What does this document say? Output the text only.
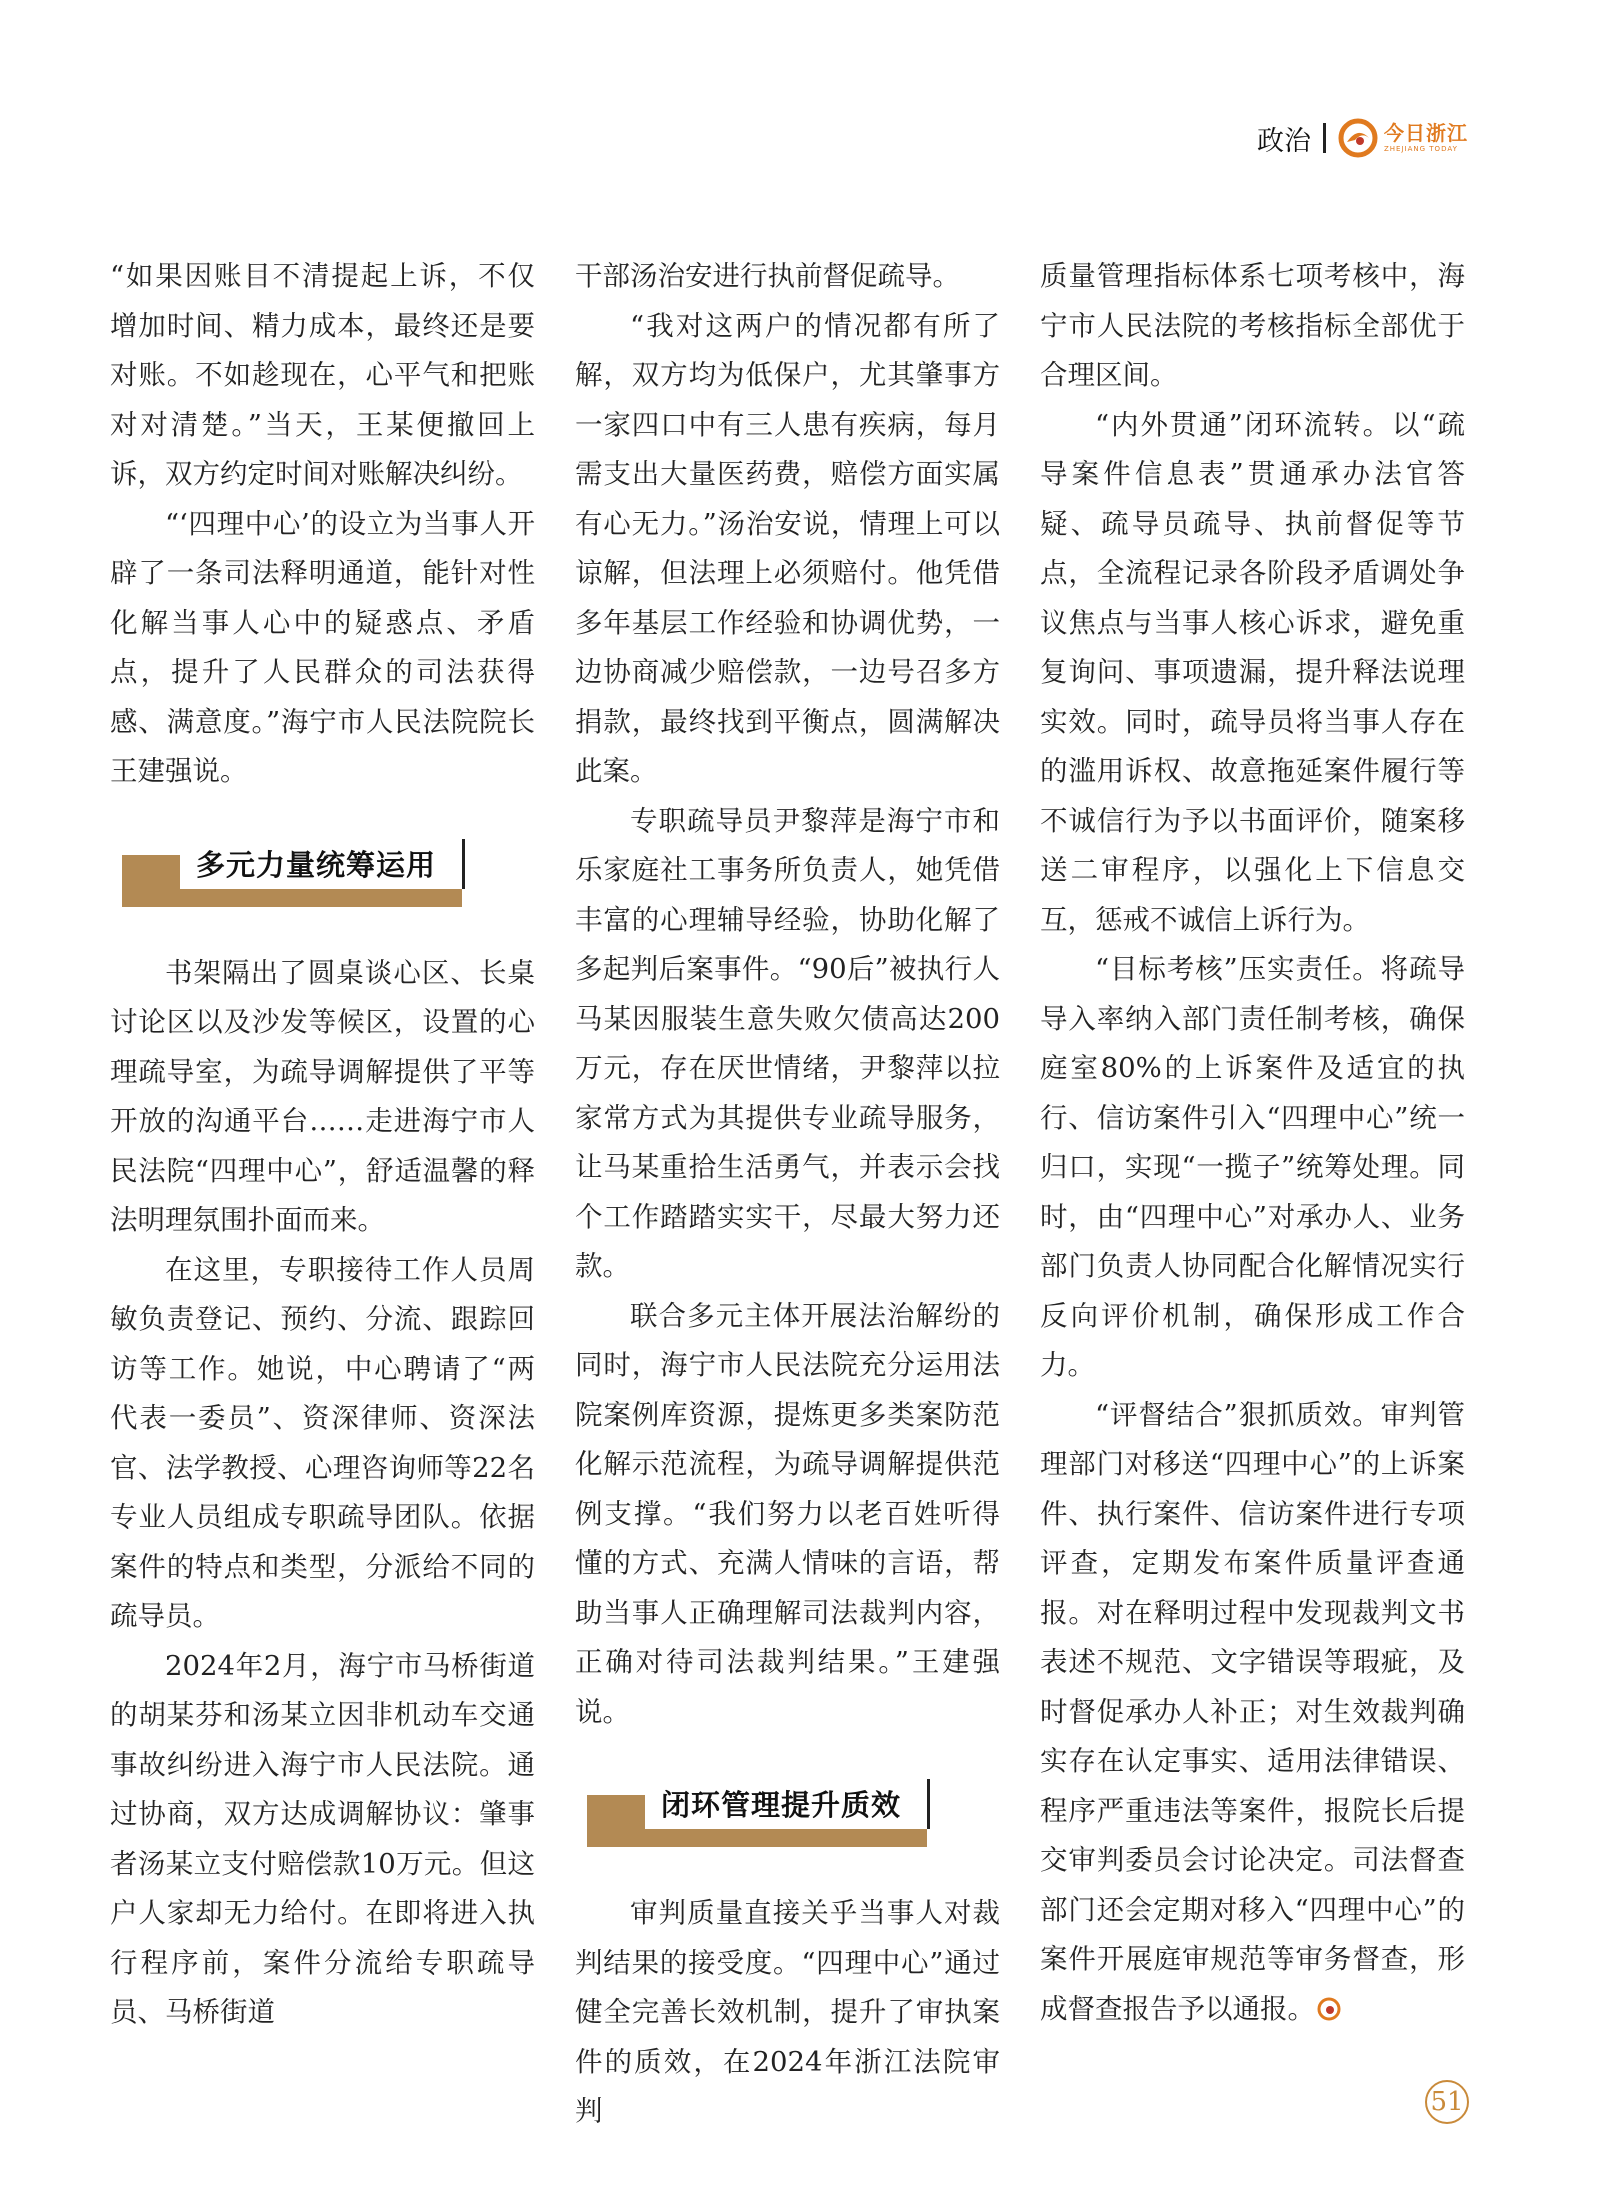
政治	今日浙江
ZHEJIANG TODAY

“如果因账目不清提起上诉，不仅增加时间、精力成本，最终还是要对账。不如趁现在，心平气和把账对对清楚。”当天，王某便撤回上诉，双方约定时间对账解决纠纷。

“‘四理中心’的设立为当事人开辟了一条司法释明通道，能针对性化解当事人心中的疑惑点、矛盾点，提升了人民群众的司法获得感、满意度。”海宁市人民法院院长王建强说。

多元力量统筹运用

书架隔出了圆桌谈心区、长桌讨论区以及沙发等候区，设置的心理疏导室，为疏导调解提供了平等开放的沟通平台……走进海宁市人民法院“四理中心”，舒适温馨的释法明理氛围扑面而来。

在这里，专职接待工作人员周敏负责登记、预约、分流、跟踪回访等工作。她说，中心聘请了“两代表一委员”、资深律师、资深法官、法学教授、心理咨询师等22名专业人员组成专职疏导团队。依据案件的特点和类型，分派给不同的疏导员。

2024年2月，海宁市马桥街道的胡某芬和汤某立因非机动车交通事故纠纷进入海宁市人民法院。通过协商，双方达成调解协议：肇事者汤某立支付赔偿款10万元。但这户人家却无力给付。在即将进入执行程序前，案件分流给专职疏导员、马桥街道

干部汤治安进行执前督促疏导。

“我对这两户的情况都有所了解，双方均为低保户，尤其肇事方一家四口中有三人患有疾病，每月需支出大量医药费，赔偿方面实属有心无力。”汤治安说，情理上可以谅解，但法理上必须赔付。他凭借多年基层工作经验和协调优势，一边协商减少赔偿款，一边号召多方捐款，最终找到平衡点，圆满解决此案。

专职疏导员尹黎萍是海宁市和乐家庭社工事务所负责人，她凭借丰富的心理辅导经验，协助化解了多起判后案事件。“90后”被执行人马某因服装生意失败欠债高达200万元，存在厌世情绪，尹黎萍以拉家常方式为其提供专业疏导服务，让马某重拾生活勇气，并表示会找个工作踏踏实实干，尽最大努力还款。

联合多元主体开展法治解纷的同时，海宁市人民法院充分运用法院案例库资源，提炼更多类案防范化解示范流程，为疏导调解提供范例支撑。“我们努力以老百姓听得懂的方式、充满人情味的言语，帮助当事人正确理解司法裁判内容，正确对待司法裁判结果。”王建强说。

闭环管理提升质效

审判质量直接关乎当事人对裁判结果的接受度。“四理中心”通过健全完善长效机制，提升了审执案件的质效，在2024年浙江法院审判

质量管理指标体系七项考核中，海宁市人民法院的考核指标全部优于合理区间。

“内外贯通”闭环流转。以“疏导案件信息表”贯通承办法官答疑、疏导员疏导、执前督促等节点，全流程记录各阶段矛盾调处争议焦点与当事人核心诉求，避免重复询问、事项遗漏，提升释法说理实效。同时，疏导员将当事人存在的滥用诉权、故意拖延案件履行等不诚信行为予以书面评价，随案移送二审程序，以强化上下信息交互，惩戒不诚信上诉行为。

“目标考核”压实责任。将疏导导入率纳入部门责任制考核，确保庭室80%的上诉案件及适宜的执行、信访案件引入“四理中心”统一归口，实现“一揽子”统筹处理。同时，由“四理中心”对承办人、业务部门负责人协同配合化解情况实行反向评价机制，确保形成工作合力。

“评督结合”狠抓质效。审判管理部门对移送“四理中心”的上诉案件、执行案件、信访案件进行专项评查，定期发布案件质量评查通报。对在释明过程中发现裁判文书表述不规范、文字错误等瑕疵，及时督促承办人补正；对生效裁判确实存在认定事实、适用法律错误、程序严重违法等案件，报院长后提交审判委员会讨论决定。司法督查部门还会定期对移入“四理中心”的案件开展庭审规范等审务督查，形成督查报告予以通报。

51
